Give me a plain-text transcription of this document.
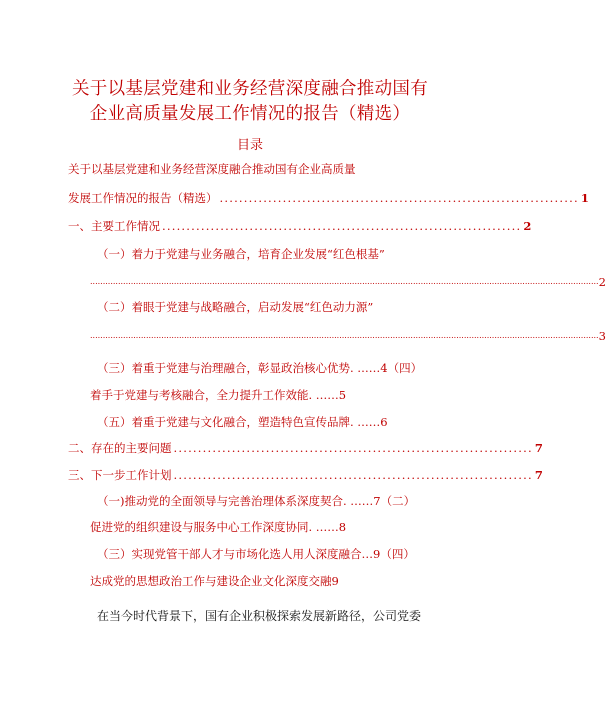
关于以基层党建和业务经营深度融合推动国有
企业高质量发展工作情况的报告（精选）
目录
关于以基层党建和业务经营深度融合推动国有企业高质量
发展工作情况的报告（精选） .......................................................................... 1
一、主要工作情况 .......................................................................... 2
（一）着力于党建与业务融合，培育企业发展“红色根基”
........................................................................................................................................................................................................ 2
（二）着眼于党建与战略融合，启动发展“红色动力源”
........................................................................................................................................................................................................ 3
（三）着重于党建与治理融合，彰显政治核心优势. ……4（四）
着手于党建与考核融合，全力提升工作效能. ……5
（五）着重于党建与文化融合，塑造特色宣传品牌. ……6
二、存在的主要问题 .......................................................................... 7
三、下一步工作计划 .......................................................................... 7
（一)推动党的全面领导与完善治理体系深度契合. ……7（二）
促进党的组织建设与服务中心工作深度协同. ……8
（三）实现党管干部人才与市场化选人用人深度融合…9（四）
达成党的思想政治工作与建设企业文化深度交融9
在当今时代背景下，国有企业积极探索发展新路径，公司党委
